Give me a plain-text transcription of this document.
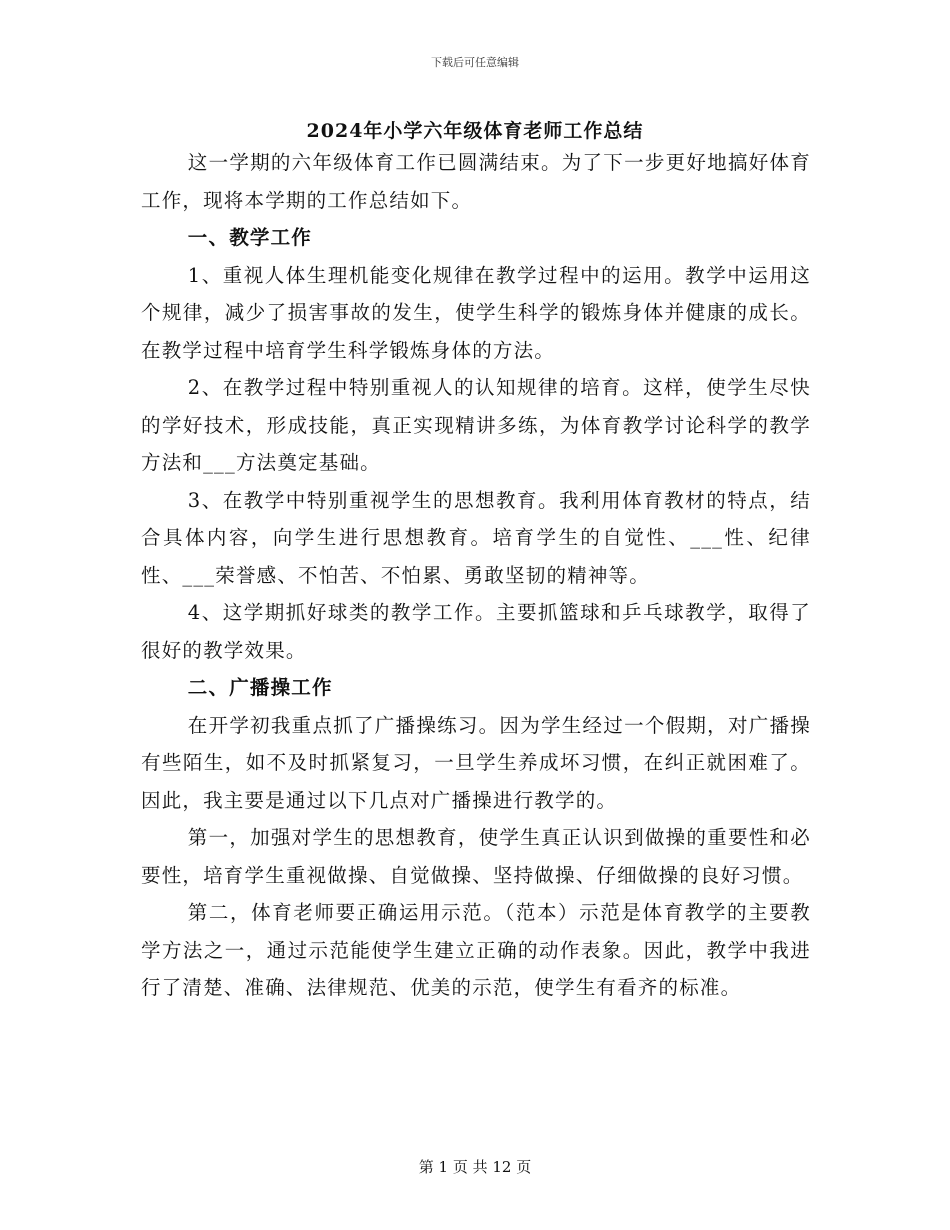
下载后可任意编辑
2024年小学六年级体育老师工作总结

这一学期的六年级体育工作已圆满结束。为了下一步更好地搞好体育工作，现将本学期的工作总结如下。

一、教学工作

1、重视人体生理机能变化规律在教学过程中的运用。教学中运用这个规律，减少了损害事故的发生，使学生科学的锻炼身体并健康的成长。在教学过程中培育学生科学锻炼身体的方法。

2、在教学过程中特别重视人的认知规律的培育。这样，使学生尽快的学好技术，形成技能，真正实现精讲多练，为体育教学讨论科学的教学方法和___方法奠定基础。

3、在教学中特别重视学生的思想教育。我利用体育教材的特点，结合具体内容，向学生进行思想教育。培育学生的自觉性、___性、纪律性、___荣誉感、不怕苦、不怕累、勇敢坚韧的精神等。

4、这学期抓好球类的教学工作。主要抓篮球和乒乓球教学，取得了很好的教学效果。

二、广播操工作

在开学初我重点抓了广播操练习。因为学生经过一个假期，对广播操有些陌生，如不及时抓紧复习，一旦学生养成坏习惯，在纠正就困难了。因此，我主要是通过以下几点对广播操进行教学的。

第一，加强对学生的思想教育，使学生真正认识到做操的重要性和必要性，培育学生重视做操、自觉做操、坚持做操、仔细做操的良好习惯。

第二，体育老师要正确运用示范。（范本）示范是体育教学的主要教学方法之一，通过示范能使学生建立正确的动作表象。因此，教学中我进行了清楚、准确、法律规范、优美的示范，使学生有看齐的标准。

第 1 页 共 12 页
